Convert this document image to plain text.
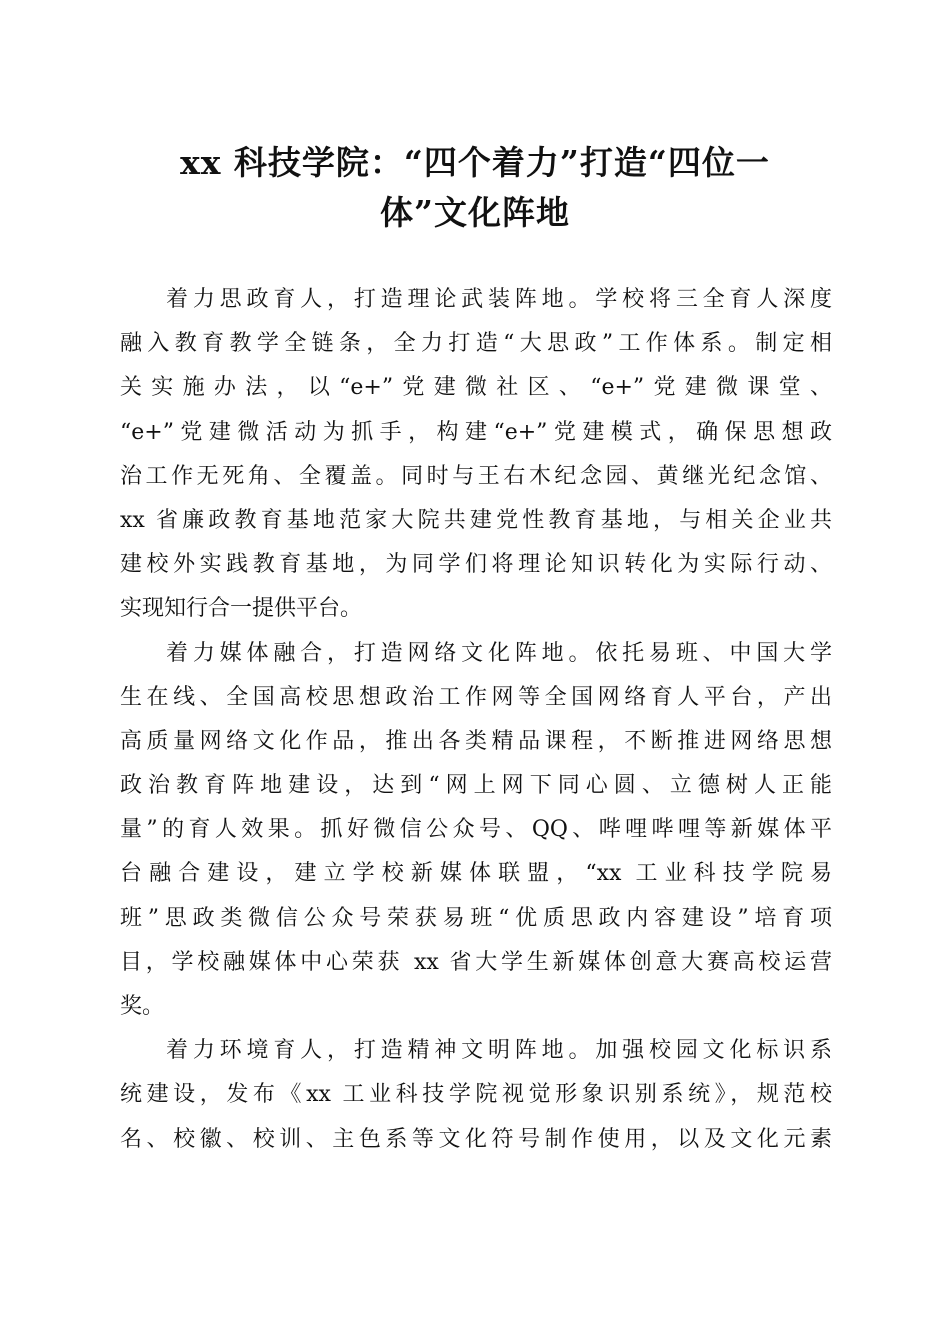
xx 科技学院：“四个着力”打造“四位一
体”文化阵地
着力思政育人，打造理论武装阵地。学校将三全育人深度
融入教育教学全链条，全力打造“大思政”工作体系。制定相
关实施办法，以“e+”党建微社区、“e+”党建微课堂、
“e+”党建微活动为抓手，构建“e+”党建模式，确保思想政
治工作无死角、全覆盖。同时与王右木纪念园、黄继光纪念馆、
xx 省廉政教育基地范家大院共建党性教育基地，与相关企业共
建校外实践教育基地，为同学们将理论知识转化为实际行动、
实现知行合一提供平台。
着力媒体融合，打造网络文化阵地。依托易班、中国大学
生在线、全国高校思想政治工作网等全国网络育人平台，产出
高质量网络文化作品，推出各类精品课程，不断推进网络思想
政治教育阵地建设，达到“网上网下同心圆、立德树人正能
量”的育人效果。抓好微信公众号、QQ、哔哩哔哩等新媒体平
台融合建设，建立学校新媒体联盟，“xx 工业科技学院易
班”思政类微信公众号荣获易班“优质思政内容建设”培育项
目，学校融媒体中心荣获 xx 省大学生新媒体创意大赛高校运营
奖。
着力环境育人，打造精神文明阵地。加强校园文化标识系
统建设，发布《xx 工业科技学院视觉形象识别系统》，规范校
名、校徽、校训、主色系等文化符号制作使用，以及文化元素
